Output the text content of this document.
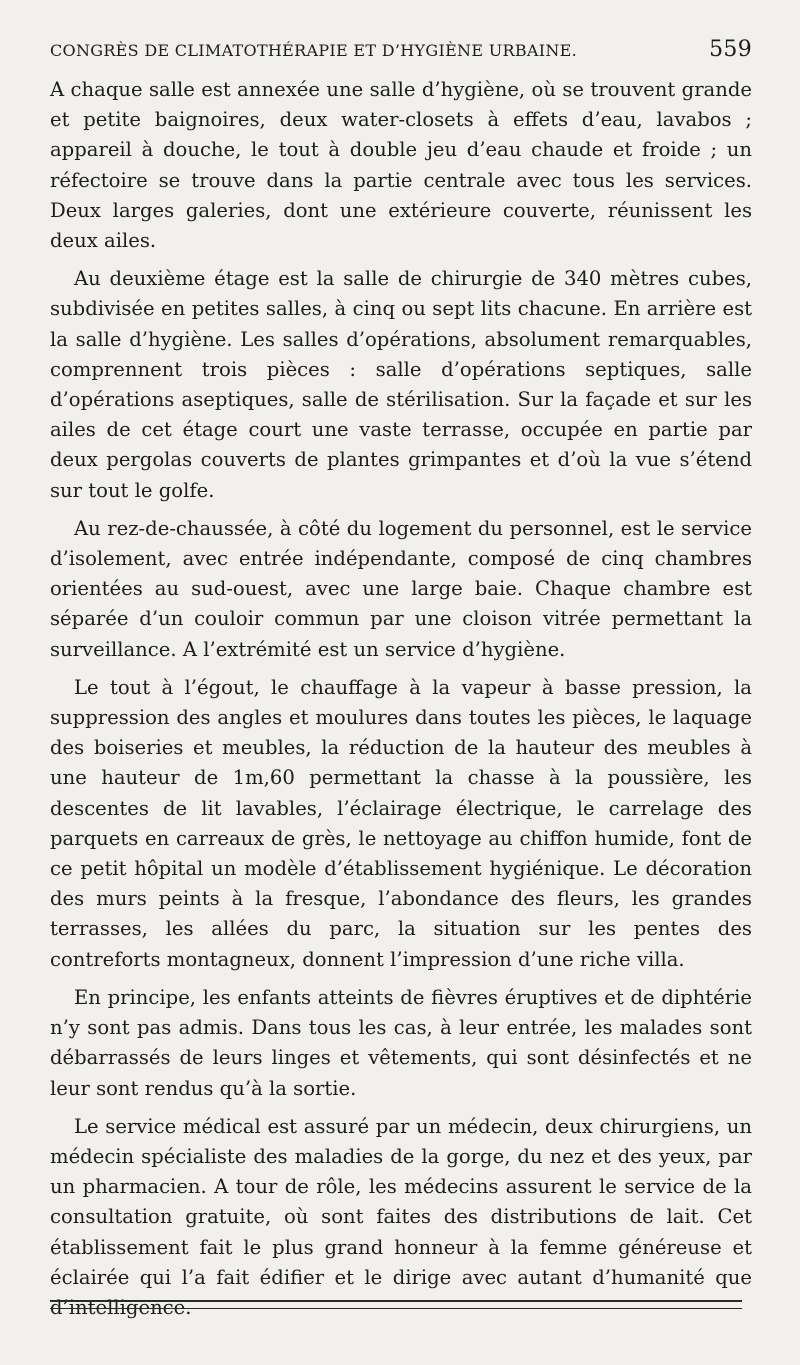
CONGRÈS DE CLIMATOTHÉRAPIE ET D’HYGIÈNE URBAINE.	559

A chaque salle est annexée une salle d’hygiène, où se trouvent grande et petite baignoires, deux water-closets à effets d’eau, lavabos ; appareil à douche, le tout à double jeu d’eau chaude et froide ; un réfectoire se trouve dans la partie centrale avec tous les services. Deux larges galeries, dont une extérieure couverte, réunissent les deux ailes.

Au deuxième étage est la salle de chirurgie de 340 mètres cubes, subdivisée en petites salles, à cinq ou sept lits chacune. En arrière est la salle d’hygiène. Les salles d’opérations, absolument remarquables, comprennent trois pièces : salle d’opérations septiques, salle d’opérations aseptiques, salle de stérilisation. Sur la façade et sur les ailes de cet étage court une vaste terrasse, occupée en partie par deux pergolas couverts de plantes grimpantes et d’où la vue s’étend sur tout le golfe.

Au rez-de-chaussée, à côté du logement du personnel, est le service d’isolement, avec entrée indépendante, composé de cinq chambres orientées au sud-ouest, avec une large baie. Chaque chambre est séparée d’un couloir commun par une cloison vitrée permettant la surveillance. A l’extrémité est un service d’hygiène.

Le tout à l’égout, le chauffage à la vapeur à basse pression, la suppression des angles et moulures dans toutes les pièces, le laquage des boiseries et meubles, la réduction de la hauteur des meubles à une hauteur de 1m,60 permettant la chasse à la poussière, les descentes de lit lavables, l’éclairage électrique, le carrelage des parquets en carreaux de grès, le nettoyage au chiffon humide, font de ce petit hôpital un modèle d’établissement hygiénique. Le décoration des murs peints à la fresque, l’abondance des fleurs, les grandes terrasses, les allées du parc, la situation sur les pentes des contreforts montagneux, donnent l’impression d’une riche villa.

En principe, les enfants atteints de fièvres éruptives et de diphtérie n’y sont pas admis. Dans tous les cas, à leur entrée, les malades sont débarrassés de leurs linges et vêtements, qui sont désinfectés et ne leur sont rendus qu’à la sortie.

Le service médical est assuré par un médecin, deux chirurgiens, un médecin spécialiste des maladies de la gorge, du nez et des yeux, par un pharmacien. A tour de rôle, les médecins assurent le service de la consultation gratuite, où sont faites des distributions de lait. Cet établissement fait le plus grand honneur à la femme généreuse et éclairée qui l’a fait édifier et le dirige avec autant d’humanité que d’intelligence.
